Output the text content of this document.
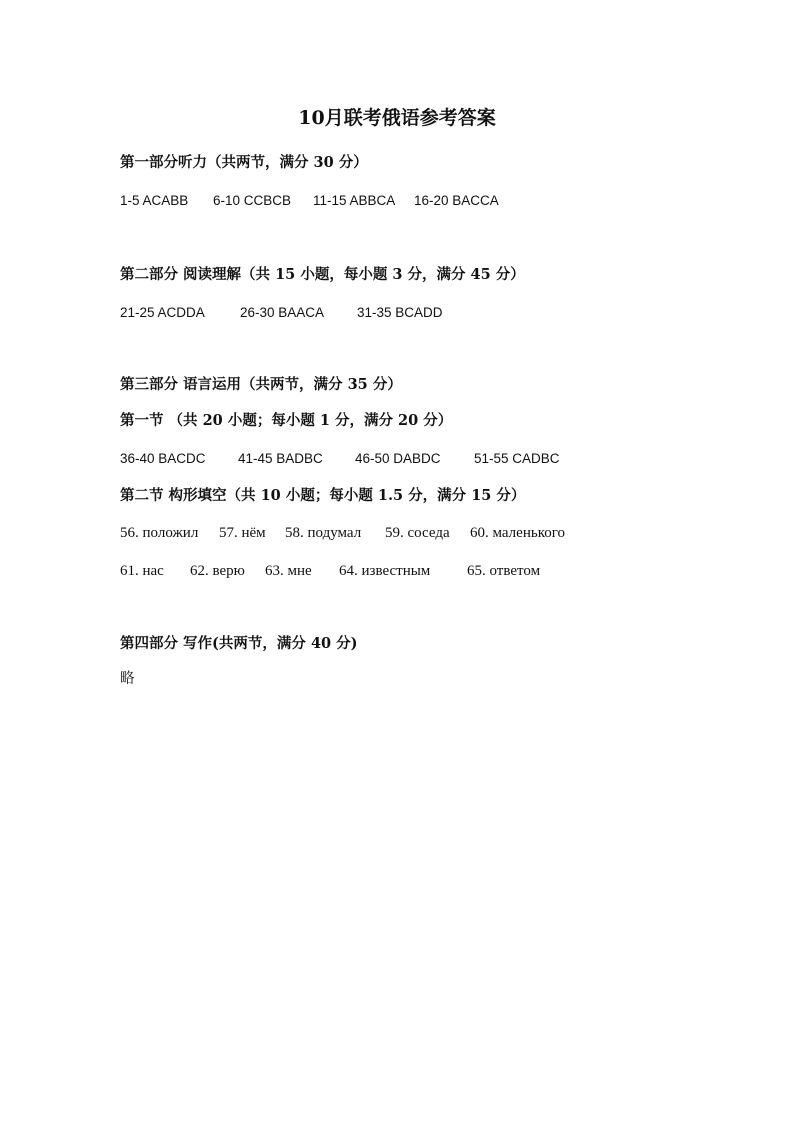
10月联考俄语参考答案
第一部分听力（共两节，满分 30 分）
1-5 ACABB 6-10 CCBCB 11-15 ABBCA 16-20 BACCA
第二部分 阅读理解（共 15 小题，每小题 3 分，满分 45 分）
21-25 ACDDA	26-30 BAACA 31-35 BCADD
第三部分 语言运用（共两节，满分 35 分）
第一节 （共 20 小题；每小题 1 分，满分 20 分）
36-40 BACDC 41-45 BADBC 46-50 DABDC 51-55 CADBC
第二节 构形填空（共 10 小题；每小题 1.5 分，满分 15 分）
56. положил 57. нём 58. подумал 59. соседа 60. маленького
61. нас 62. верю 63. мне 64. известным 65. ответом
第四部分 写作(共两节，满分 40 分)
略
